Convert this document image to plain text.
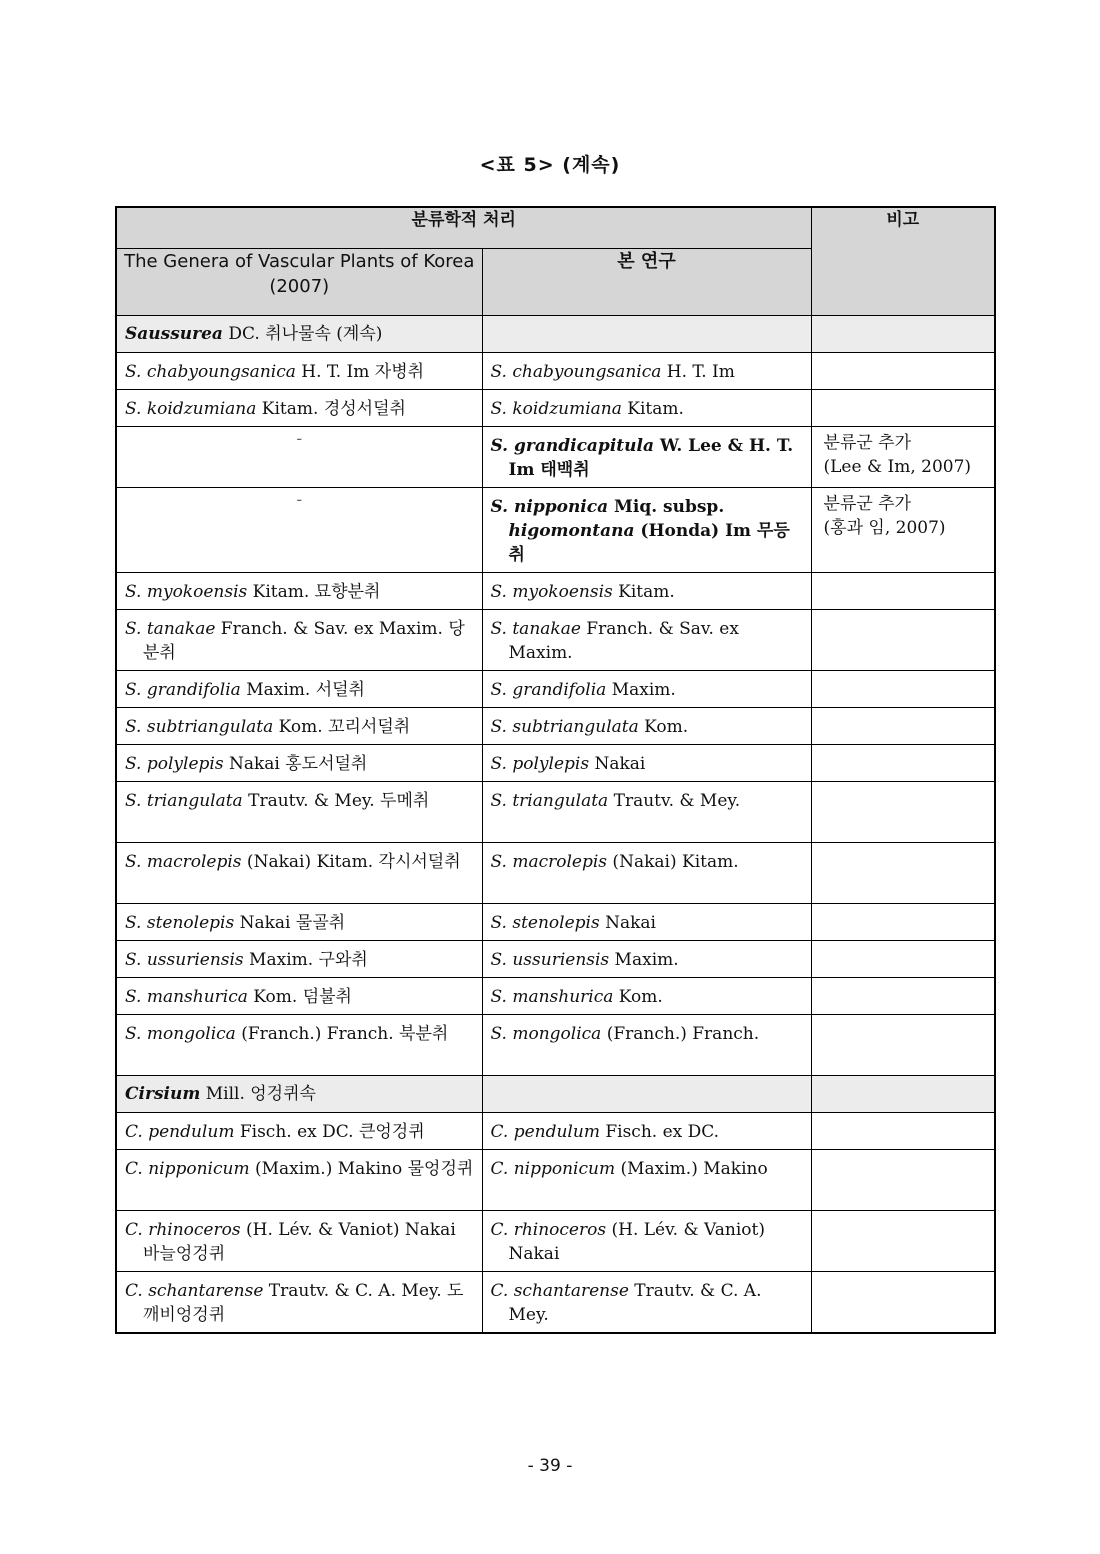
<표 5> (계속)
분류학적 처리		비고
The Genera of Vascular Plants of Korea (2007)	본 연구	

Saussurea DC. 취나물속 (계속)		

S. chabyoungsanica H. T. Im 자병취	S. chabyoungsanica H. T. Im	

S. koidzumiana Kitam. 경성서덜취	S. koidzumiana Kitam.	

-	S. grandicapitula W. Lee & H. T. Im 태백취	분류군 추가
(Lee & Im, 2007)

-	S. nipponica Miq. subsp. higomontana (Honda) Im 무등취	분류군 추가
(홍과 임, 2007)

S. myokoensis Kitam. 묘향분취	S. myokoensis Kitam.	

S. tanakae Franch. & Sav. ex Maxim. 당분취	S. tanakae Franch. & Sav. ex Maxim.	

S. grandifolia Maxim. 서덜취	S. grandifolia Maxim.	

S. subtriangulata Kom. 꼬리서덜취	S. subtriangulata Kom.	

S. polylepis Nakai 홍도서덜취	S. polylepis Nakai	

S. triangulata Trautv. & Mey. 두메취	S. triangulata Trautv. & Mey.	

S. macrolepis (Nakai) Kitam. 각시서덜취	S. macrolepis (Nakai) Kitam.	

S. stenolepis Nakai 물골취	S. stenolepis Nakai	

S. ussuriensis Maxim. 구와취	S. ussuriensis Maxim.	

S. manshurica Kom. 덤불취	S. manshurica Kom.	

S. mongolica (Franch.) Franch. 북분취	S. mongolica (Franch.) Franch.	

Cirsium Mill. 엉겅퀴속		

C. pendulum Fisch. ex DC. 큰엉겅퀴	C. pendulum Fisch. ex DC.	

C. nipponicum (Maxim.) Makino 물엉겅퀴	C. nipponicum (Maxim.) Makino	

C. rhinoceros (H. Lév. & Vaniot) Nakai 바늘엉겅퀴	C. rhinoceros (H. Lév. & Vaniot) Nakai	

C. schantarense Trautv. & C. A. Mey. 도깨비엉겅퀴	C. schantarense Trautv. & C. A. Mey.	

- 39 -
